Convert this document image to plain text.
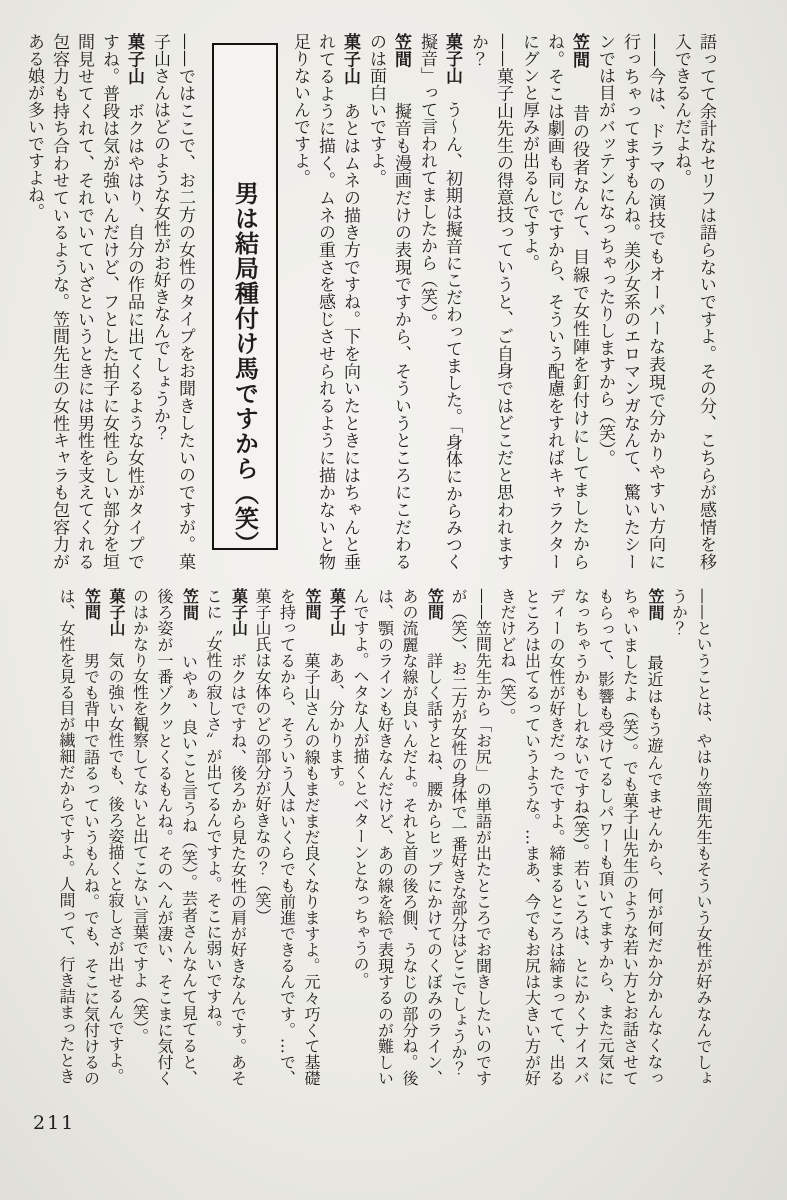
語ってて余計なセリフは語らないですよ。その分、こちらが感情を移入できるんだよね。

——今は、ドラマの演技でもオーバーな表現で分かりやすい方向に行っちゃってますもんね。美少女系のエロマンガなんて、驚いたシーンでは目がバッテンになっちゃったりしますから（笑）。

笠間　　昔の役者なんて、目線で女性陣を釘付けにしてましたからね。そこは劇画も同じですから、そういう配慮をすればキャラクターにグンと厚みが出るんですよ。

——菓子山先生の得意技っていうと、ご自身ではどこだと思われますか？

菓子山　う～ん、初期は擬音にこだわってました。「身体にからみつく擬音」って言われてましたから（笑）。

笠間　　擬音も漫画だけの表現ですから、そういうところにこだわるのは面白いですよ。

菓子山　あとはムネの描き方ですね。下を向いたときにはちゃんと垂れてるように描く。ムネの重さを感じさせられるように描かないと物足りないんですよ。

男は結局種付け馬ですから（笑）

——ではここで、お二方の女性のタイプをお聞きしたいのですが。菓子山さんはどのような女性がお好きなんでしょうか？

菓子山　ボクはやはり、自分の作品に出てくるような女性がタイプですね。普段は気が強いんだけど、フとした拍子に女性らしい部分を垣間見せてくれて、それでいていざというときには男性を支えてくれる包容力も持ち合わせているような。笠間先生の女性キャラも包容力がある娘が多いですよね。

——ということは、やはり笠間先生もそういう女性が好みなんでしょうか？

笠間　　最近はもう遊んでませんから、何が何だか分かんなくなっちゃいましたよ（笑）。でも菓子山先生のような若い方とお話させてもらって、影響も受けてるしパワーも頂いてますから、また元気になっちゃうかもしれないですね(笑)。若いころは、とにかくナイスバディーの女性が好きだったですよ。締まるところは締まってて、出るところは出てるっていうような。…まあ、今でもお尻は大きい方が好きだけどね（笑）。

——笠間先生から「お尻」の単語が出たところでお聞きしたいのですが（笑）、お二方が女性の身体で一番好きな部分はどこでしょうか？

笠間　　詳しく話すとね、腰からヒップにかけてのくぼみのライン、あの流麗な線が良いんだよ。それと首の後ろ側、うなじの部分ね。後は、顎のラインも好きなんだけど、あの線を絵で表現するのが難しいんですよ。ヘタな人が描くとベターンとなっちゃうの。

菓子山　ああ、分かります。

笠間　　菓子山さんの線もまだまだ良くなりますよ。元々巧くて基礎を持ってるから、そういう人はいくらでも前進できるんです。…で、菓子山氏は女体のどの部分が好きなの？（笑）

菓子山　ボクはですね、後ろから見た女性の肩が好きなんです。あそこに〝女性の寂しさ〟が出てるんですよ。そこに弱いですね。

笠間　　いやぁ、良いこと言うね（笑）。芸者さんなんて見てると、後ろ姿が一番ゾクッとくるもんね。そのへんが凄い、そこまに気付くのはかなり女性を観察してないと出てこない言葉ですよ（笑）。

菓子山　気の強い女性でも、後ろ姿描くと寂しさが出せるんですよ。

笠間　　男でも背中で語るっていうもんね。でも、そこに気付けるのは、女性を見る目が繊細だからですよ。人間って、行き詰まったとき

211
